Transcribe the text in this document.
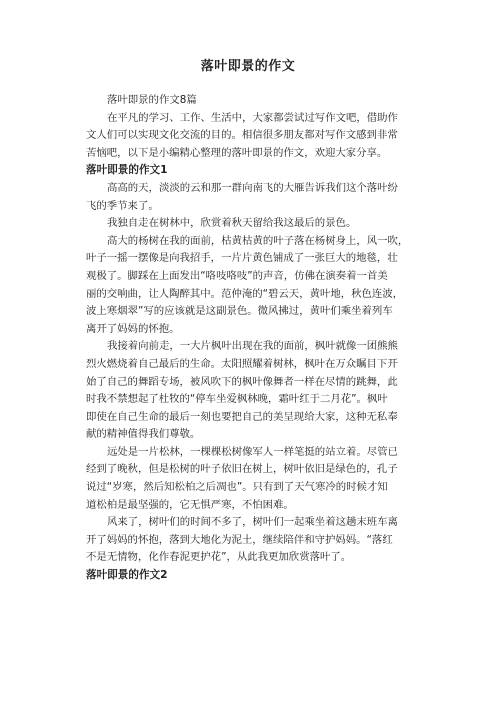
落叶即景的作文

落叶即景的作文8篇

在平凡的学习、工作、生活中，大家都尝试过写作文吧，借助作
文人们可以实现文化交流的目的。相信很多朋友都对写作文感到非常
苦恼吧，以下是小编精心整理的落叶即景的作文，欢迎大家分享。

落叶即景的作文1

高高的天，淡淡的云和那一群向南飞的大雁告诉我们这个落叶纷
飞的季节来了。

我独自走在树林中，欣赏着秋天留给我这最后的景色。

高大的杨树在我的面前，枯黄枯黄的叶子落在杨树身上，风一吹，
叶子一摇一摆像是向我招手，一片片黄色铺成了一张巨大的地毯，壮
观极了。脚踩在上面发出“咯吱咯吱”的声音，仿佛在演奏着一首美
丽的交响曲，让人陶醉其中。范仲淹的“碧云天，黄叶地，秋色连波，
波上寒烟翠”写的应该就是这副景色。微风拂过，黄叶们乘坐着列车
离开了妈妈的怀抱。

我接着向前走，一大片枫叶出现在我的面前，枫叶就像一团熊熊
烈火燃烧着自己最后的生命。太阳照耀着树林，枫叶在万众瞩目下开
始了自己的舞蹈专场，被风吹下的枫叶像舞者一样在尽情的跳舞，此
时我不禁想起了杜牧的“停车坐爱枫林晚，霜叶红于二月花”。枫叶
即使在自己生命的最后一刻也要把自己的美呈现给大家，这种无私奉
献的精神值得我们尊敬。

远处是一片松林，一棵棵松树像军人一样笔挺的站立着。尽管已
经到了晚秋，但是松树的叶子依旧在树上，树叶依旧是绿色的，孔子
说过“岁寒，然后知松柏之后凋也”。只有到了天气寒冷的时候才知
道松柏是最坚强的，它无惧严寒，不怕困难。

风来了，树叶们的时间不多了，树叶们一起乘坐着这趟末班车离
开了妈妈的怀抱，落到大地化为泥土，继续陪伴和守护妈妈。“落红
不是无情物，化作春泥更护花”，从此我更加欣赏落叶了。

落叶即景的作文2
